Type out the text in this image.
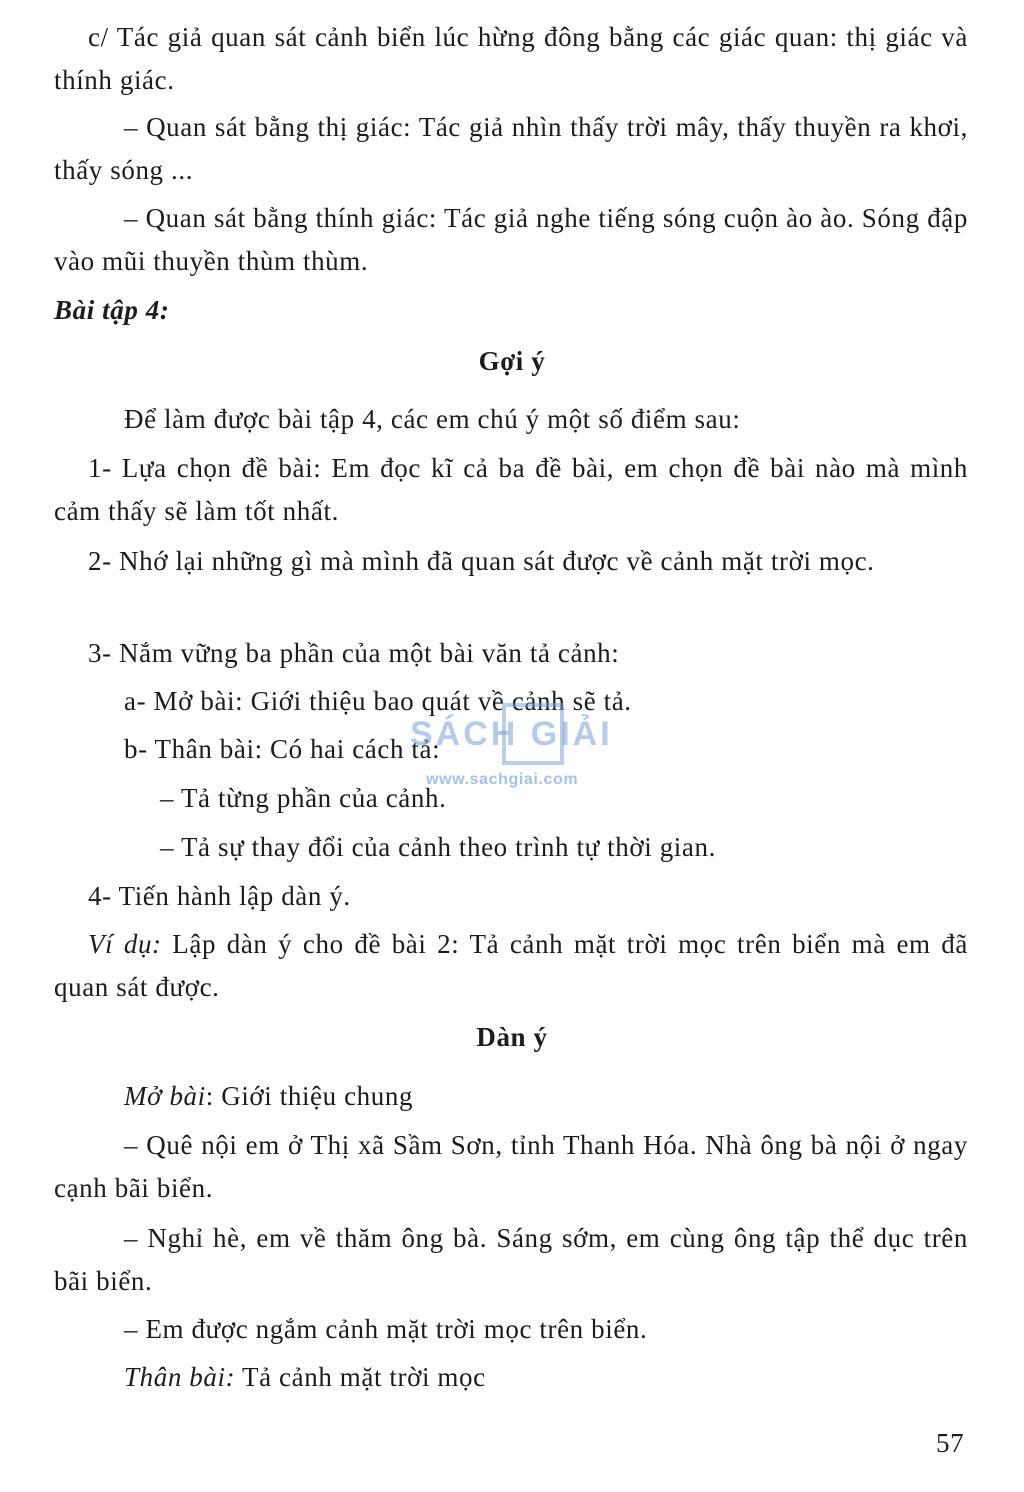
c/ Tác giả quan sát cảnh biển lúc hừng đông bằng các giác quan: thị giác và thính giác.

– Quan sát bằng thị giác: Tác giả nhìn thấy trời mây, thấy thuyền ra khơi, thấy sóng ...

– Quan sát bằng thính giác: Tác giả nghe tiếng sóng cuộn ào ào. Sóng đập vào mũi thuyền thùm thùm.

Bài tập 4:
Gợi ý

Để làm được bài tập 4, các em chú ý một số điểm sau:

1- Lựa chọn đề bài: Em đọc kĩ cả ba đề bài, em chọn đề bài nào mà mình cảm thấy sẽ làm tốt nhất.

2- Nhớ lại những gì mà mình đã quan sát được về cảnh mặt trời mọc.

3- Nắm vững ba phần của một bài văn tả cảnh:
a- Mở bài: Giới thiệu bao quát về cảnh sẽ tả.
b- Thân bài: Có hai cách tả:
– Tả từng phần của cảnh.
– Tả sự thay đổi của cảnh theo trình tự thời gian.
4- Tiến hành lập dàn ý.

Ví dụ: Lập dàn ý cho đề bài 2: Tả cảnh mặt trời mọc trên biển mà em đã quan sát được.

Dàn ý
Mở bài: Giới thiệu chung

– Quê nội em ở Thị xã Sầm Sơn, tỉnh Thanh Hóa. Nhà ông bà nội ở ngay cạnh bãi biển.

– Nghỉ hè, em về thăm ông bà. Sáng sớm, em cùng ông tập thể dục trên bãi biển.

– Em được ngắm cảnh mặt trời mọc trên biển.
Thân bài: Tả cảnh mặt trời mọc
SÁCH GIẢI
www.sachgiai.com
57
